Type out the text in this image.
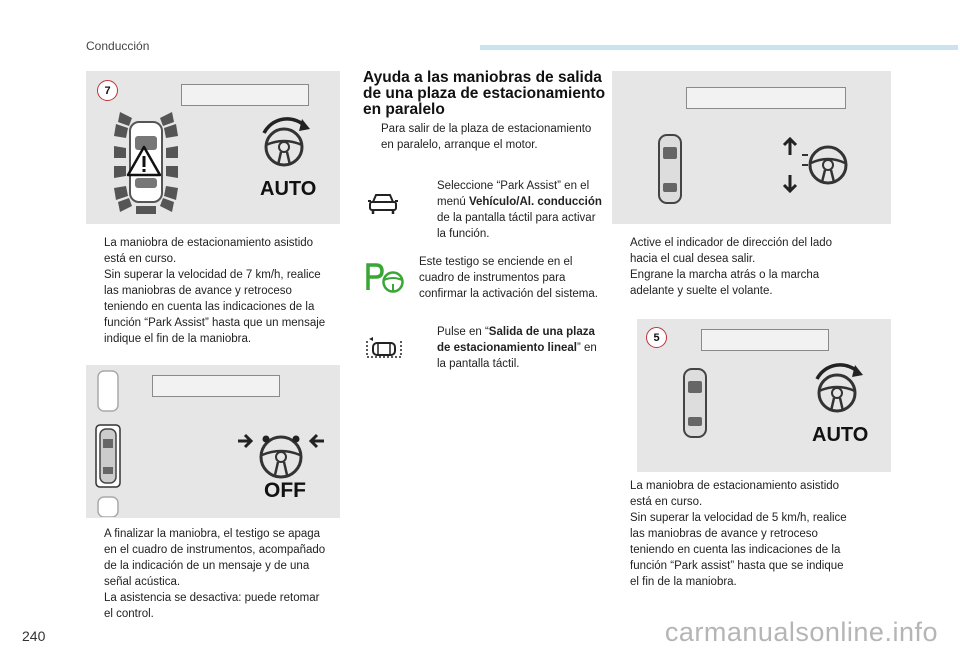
Conducción
7
AUTO
La maniobra de estacionamiento asistido
está en curso.
Sin superar la velocidad de 7 km/h, realice
las maniobras de avance y retroceso
teniendo en cuenta las indicaciones de la
función “Park Assist” hasta que un mensaje
indique el fin de la maniobra.
OFF
A finalizar la maniobra, el testigo se apaga
en el cuadro de instrumentos, acompañado
de la indicación de un mensaje y de una
señal acústica.
La asistencia se desactiva: puede retomar
el control.
Ayuda a las maniobras de salida
de una plaza de estacionamiento
en paralelo
Para salir de la plaza de estacionamiento
en paralelo, arranque el motor.
Seleccione “Park Assist” en el
menú Vehículo/Al. conducción
de la pantalla táctil para activar
la función.
Este testigo se enciende en el
cuadro de instrumentos para
confirmar la activación del sistema.
Pulse en “Salida de una plaza
de estacionamiento lineal” en
la pantalla táctil.
Active el indicador de dirección del lado
hacia el cual desea salir.
Engrane la marcha atrás o la marcha
adelante y suelte el volante.
5
AUTO
La maniobra de estacionamiento asistido
está en curso.
Sin superar la velocidad de 5 km/h, realice
las maniobras de avance y retroceso
teniendo en cuenta las indicaciones de la
función “Park assist” hasta que se indique
el fin de la maniobra.
240	carmanualsonline.info
